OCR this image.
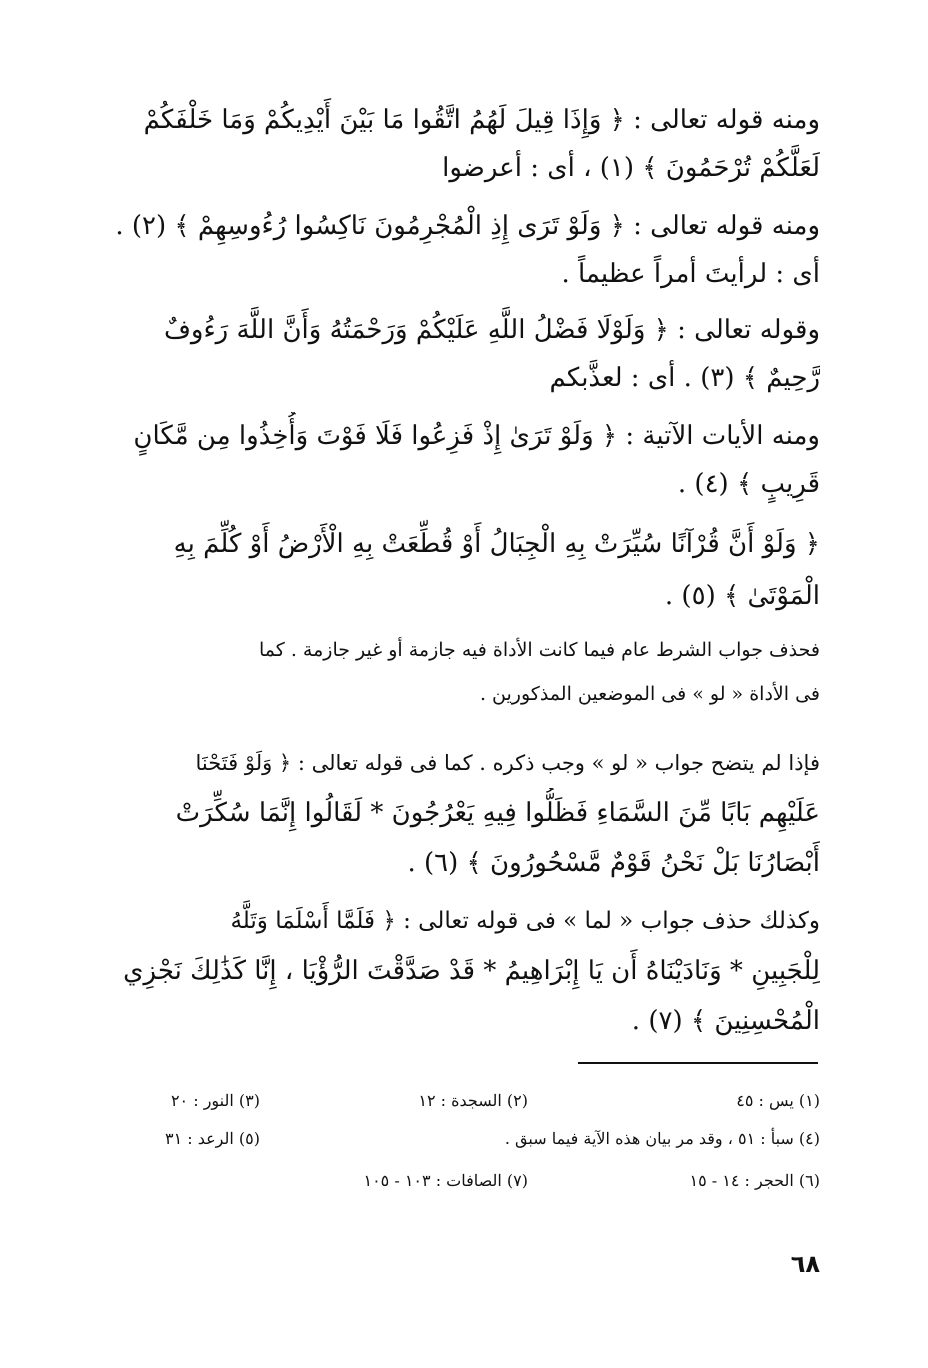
ومنه قوله تعالى : ﴿ وَإِذَا قِيلَ لَهُمُ اتَّقُوا مَا بَيْنَ أَيْدِيكُمْ وَمَا خَلْفَكُمْ
لَعَلَّكُمْ تُرْحَمُونَ ﴾ (١) ، أى : أعرضوا

ومنه قوله تعالى : ﴿ وَلَوْ تَرَى إِذِ الْمُجْرِمُونَ نَاكِسُوا رُءُوسِهِمْ ﴾ (٢) .
أى : لرأيتَ أمراً عظيماً .

وقوله تعالى : ﴿ وَلَوْلَا فَضْلُ اللَّهِ عَلَيْكُمْ وَرَحْمَتُهُ وَأَنَّ اللَّهَ رَءُوفٌ
رَّحِيمٌ ﴾ (٣) . أى : لعذَّبكم

ومنه الأيات الآتية : ﴿ وَلَوْ تَرَىٰ إِذْ فَزِعُوا فَلَا فَوْتَ وَأُخِذُوا مِن مَّكَانٍ
قَرِيبٍ ﴾ (٤) .

﴿ وَلَوْ أَنَّ قُرْآنًا سُيِّرَتْ بِهِ الْجِبَالُ أَوْ قُطِّعَتْ بِهِ الْأَرْضُ أَوْ كُلِّمَ بِهِ
الْمَوْتَىٰ ﴾ (٥) .

فحذف جواب الشرط عام فيما كانت الأداة فيه جازمة أو غير جازمة . كما
فى الأداة « لو » فى الموضعين المذكورين .

فإذا لم يتضح جواب « لو » وجب ذكره . كما فى قوله تعالى : ﴿ وَلَوْ فَتَحْنَا
عَلَيْهِم بَابًا مِّنَ السَّمَاءِ فَظَلُّوا فِيهِ يَعْرُجُونَ * لَقَالُوا إِنَّمَا سُكِّرَتْ
أَبْصَارُنَا بَلْ نَحْنُ قَوْمٌ مَّسْحُورُونَ ﴾ (٦) .

وكذلك حذف جواب « لما » فى قوله تعالى : ﴿ فَلَمَّا أَسْلَمَا وَتَلَّهُ
لِلْجَبِينِ * وَنَادَيْنَاهُ أَن يَا إِبْرَاهِيمُ * قَدْ صَدَّقْتَ الرُّؤْيَا ، إِنَّا كَذَٰلِكَ نَجْزِي
الْمُحْسِنِينَ ﴾ (٧) .

(١) يس : ٤٥
(٢) السجدة : ١٢
(٣) النور : ٢٠
(٤) سبأ : ٥١ ، وقد مر بيان هذه الآية فيما سبق .
(٥) الرعد : ٣١
(٦) الحجر : ١٤ - ١٥
(٧) الصافات : ١٠٣ - ١٠٥
٦٨
